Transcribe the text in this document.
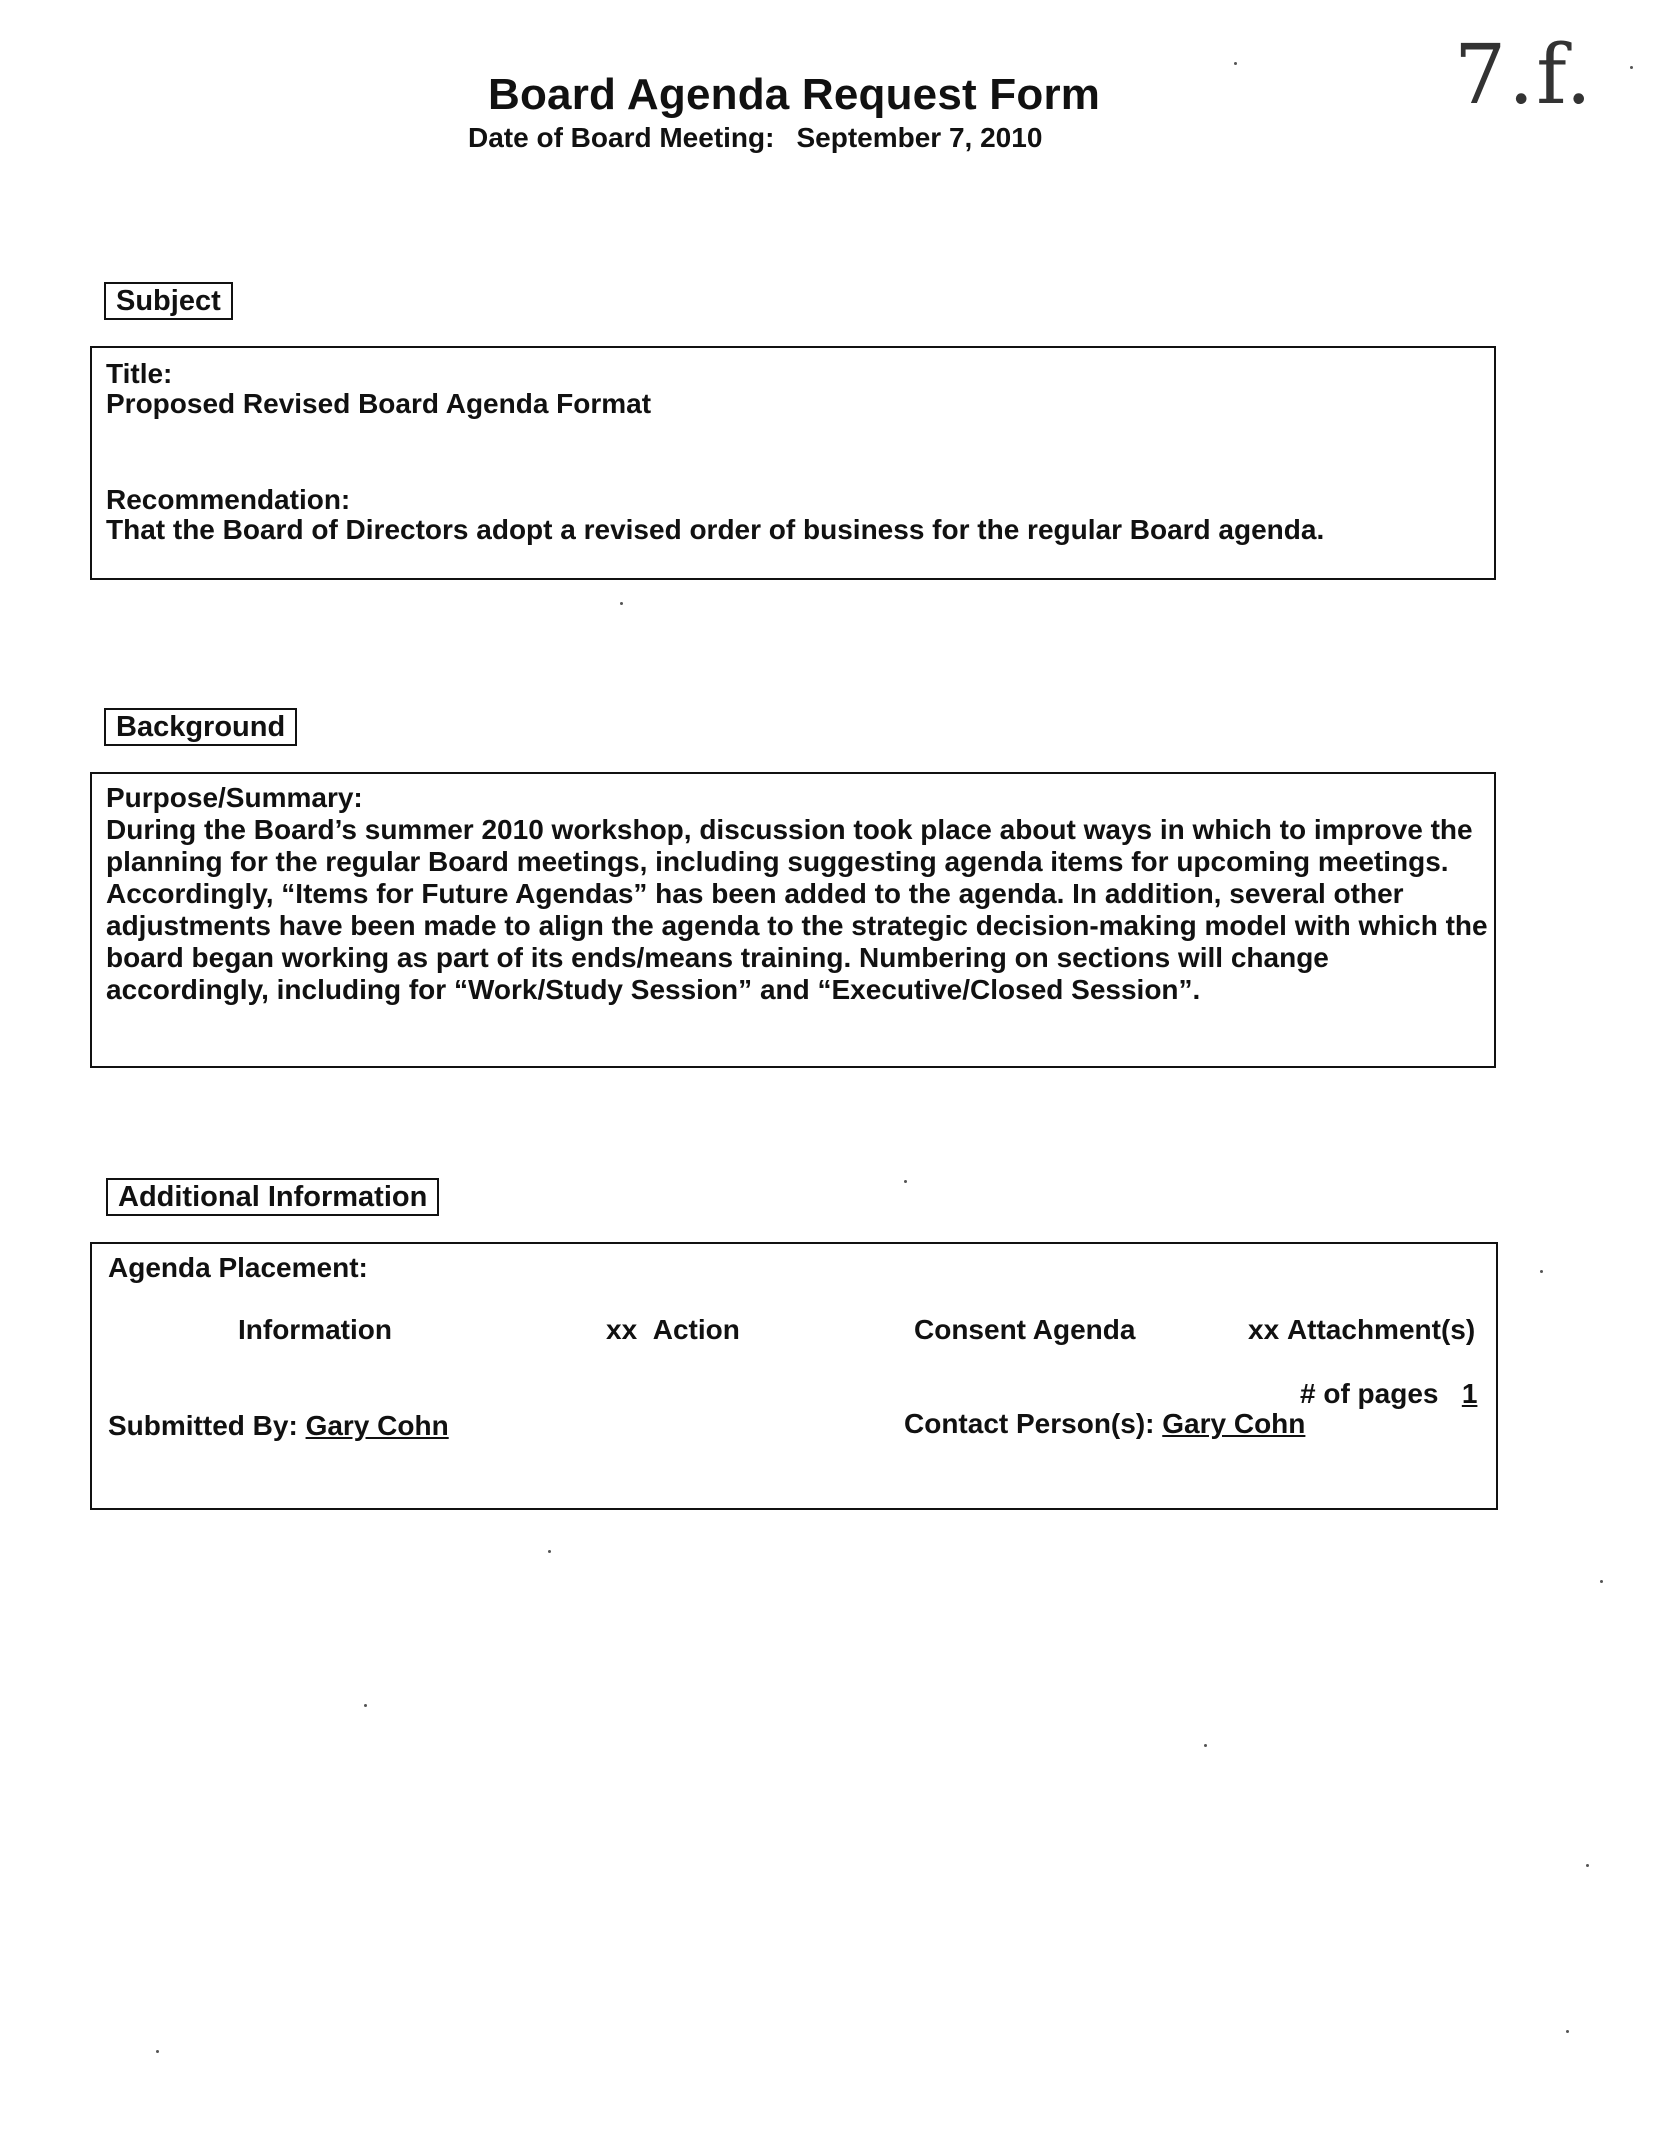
Board Agenda Request Form
Date of Board Meeting: September 7, 2010
7.f.
Subject
Title:
Proposed Revised Board Agenda Format
Recommendation:
That the Board of Directors adopt a revised order of business for the regular Board agenda.
Background
Purpose/Summary:
During the Board’s summer 2010 workshop, discussion took place about ways in which to improve the
planning for the regular Board meetings, including suggesting agenda items for upcoming meetings.
Accordingly, “Items for Future Agendas” has been added to the agenda. In addition, several other
adjustments have been made to align the agenda to the strategic decision-making model with which the
board began working as part of its ends/means training. Numbering on sections will change
accordingly, including for “Work/Study Session” and “Executive/Closed Session”.
Additional Information
Agenda Placement:
Information	xx Action	Consent Agenda	xx Attachment(s)
# of pages 1
Submitted By: Gary Cohn	Contact Person(s): Gary Cohn
